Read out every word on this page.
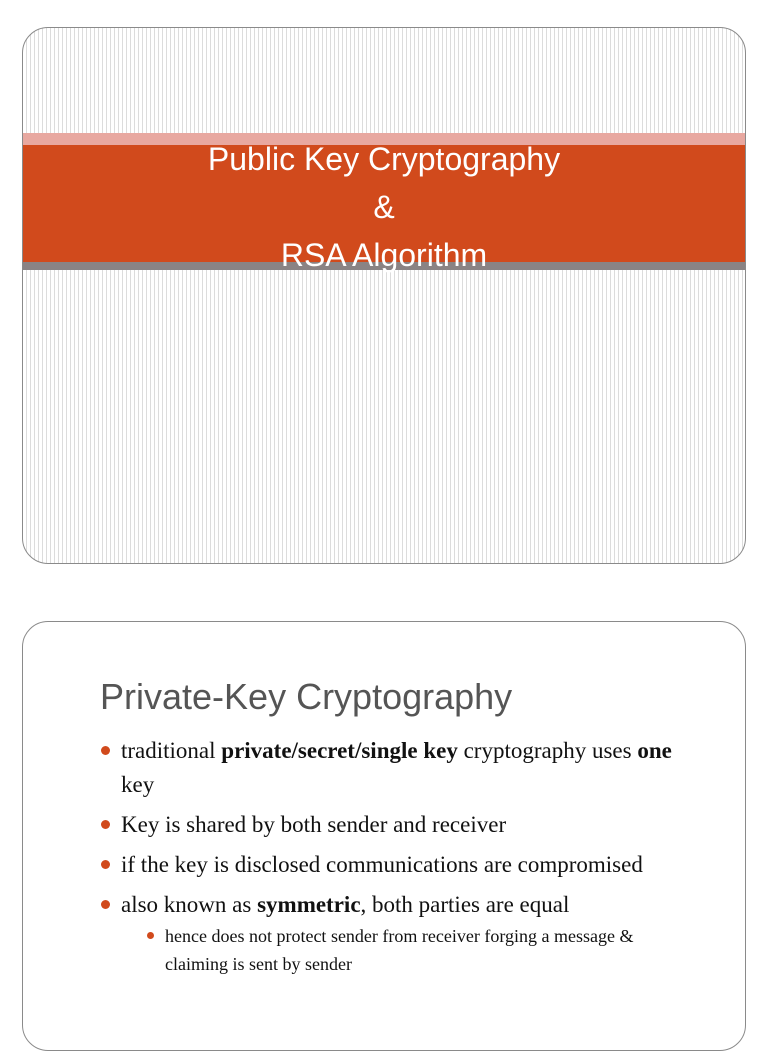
Public Key Cryptography
&
RSA Algorithm
Private-Key Cryptography
traditional private/secret/single key cryptography uses one key
Key is shared by both sender and receiver
if the key is disclosed communications are compromised
also known as symmetric, both parties are equal
hence does not protect sender from receiver forging a message & claiming is sent by sender
